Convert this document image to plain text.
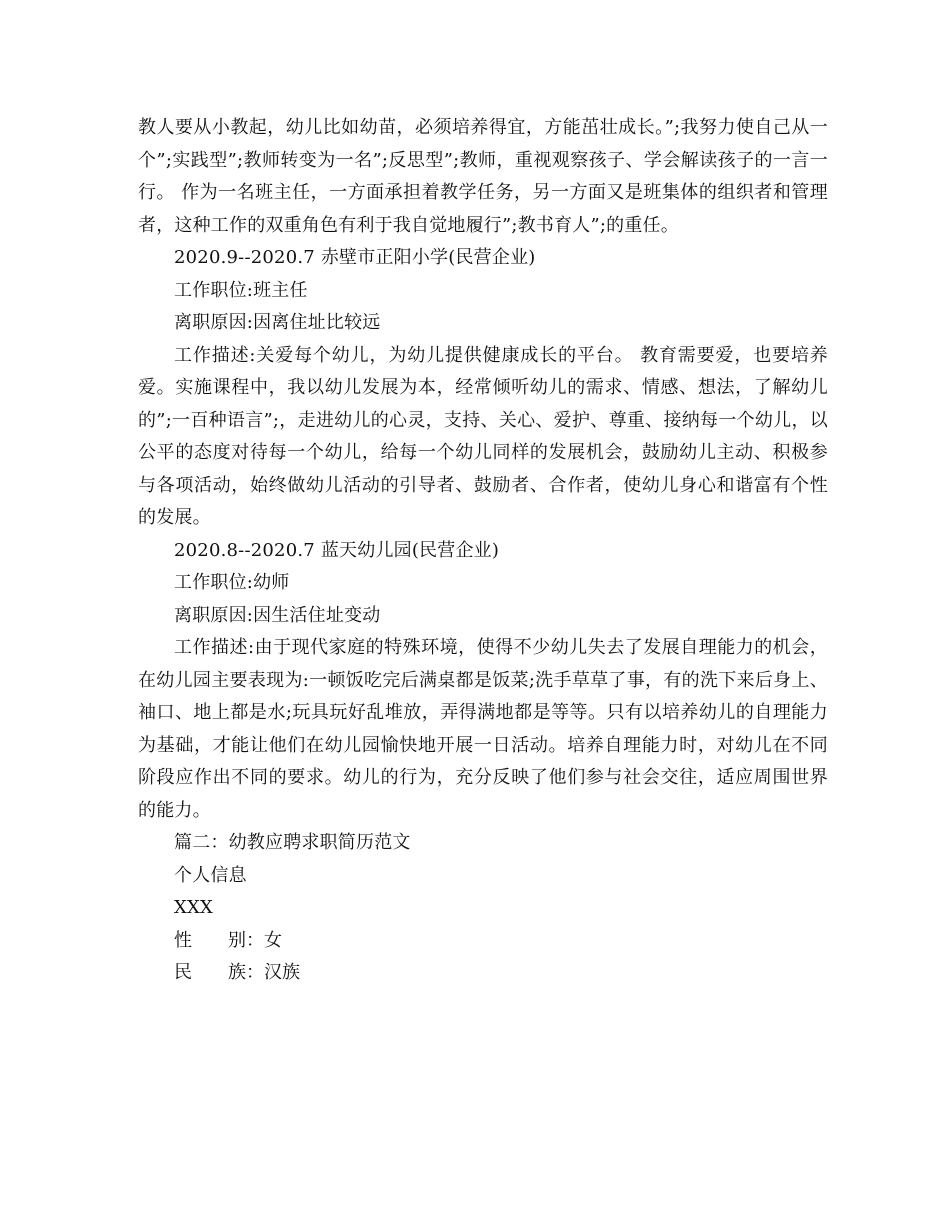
教人要从小教起，幼儿比如幼苗，必须培养得宜，方能茁壮成长。”;我努力使自己从一个”;实践型”;教师转变为一名”;反思型”;教师，重视观察孩子、学会解读孩子的一言一行。 作为一名班主任，一方面承担着教学任务，另一方面又是班集体的组织者和管理者，这种工作的双重角色有利于我自觉地履行”;教书育人”;的重任。

2020.9--2020.7 赤壁市正阳小学(民营企业)

工作职位:班主任

离职原因:因离住址比较远

工作描述:关爱每个幼儿，为幼儿提供健康成长的平台。 教育需要爱，也要培养爱。实施课程中，我以幼儿发展为本，经常倾听幼儿的需求、情感、想法，了解幼儿的”;一百种语言”;，走进幼儿的心灵，支持、关心、爱护、尊重、接纳每一个幼儿，以公平的态度对待每一个幼儿，给每一个幼儿同样的发展机会，鼓励幼儿主动、积极参与各项活动，始终做幼儿活动的引导者、鼓励者、合作者，使幼儿身心和谐富有个性的发展。

2020.8--2020.7 蓝天幼儿园(民营企业)

工作职位:幼师

离职原因:因生活住址变动

工作描述:由于现代家庭的特殊环境，使得不少幼儿失去了发展自理能力的机会，在幼儿园主要表现为:一顿饭吃完后满桌都是饭菜;洗手草草了事，有的洗下来后身上、袖口、地上都是水;玩具玩好乱堆放，弄得满地都是等等。只有以培养幼儿的自理能力为基础，才能让他们在幼儿园愉快地开展一日活动。培养自理能力时，对幼儿在不同阶段应作出不同的要求。幼儿的行为，充分反映了他们参与社会交往，适应周围世界的能力。

篇二：幼教应聘求职简历范文

个人信息

XXX

性　　别：女

民　　族：汉族
